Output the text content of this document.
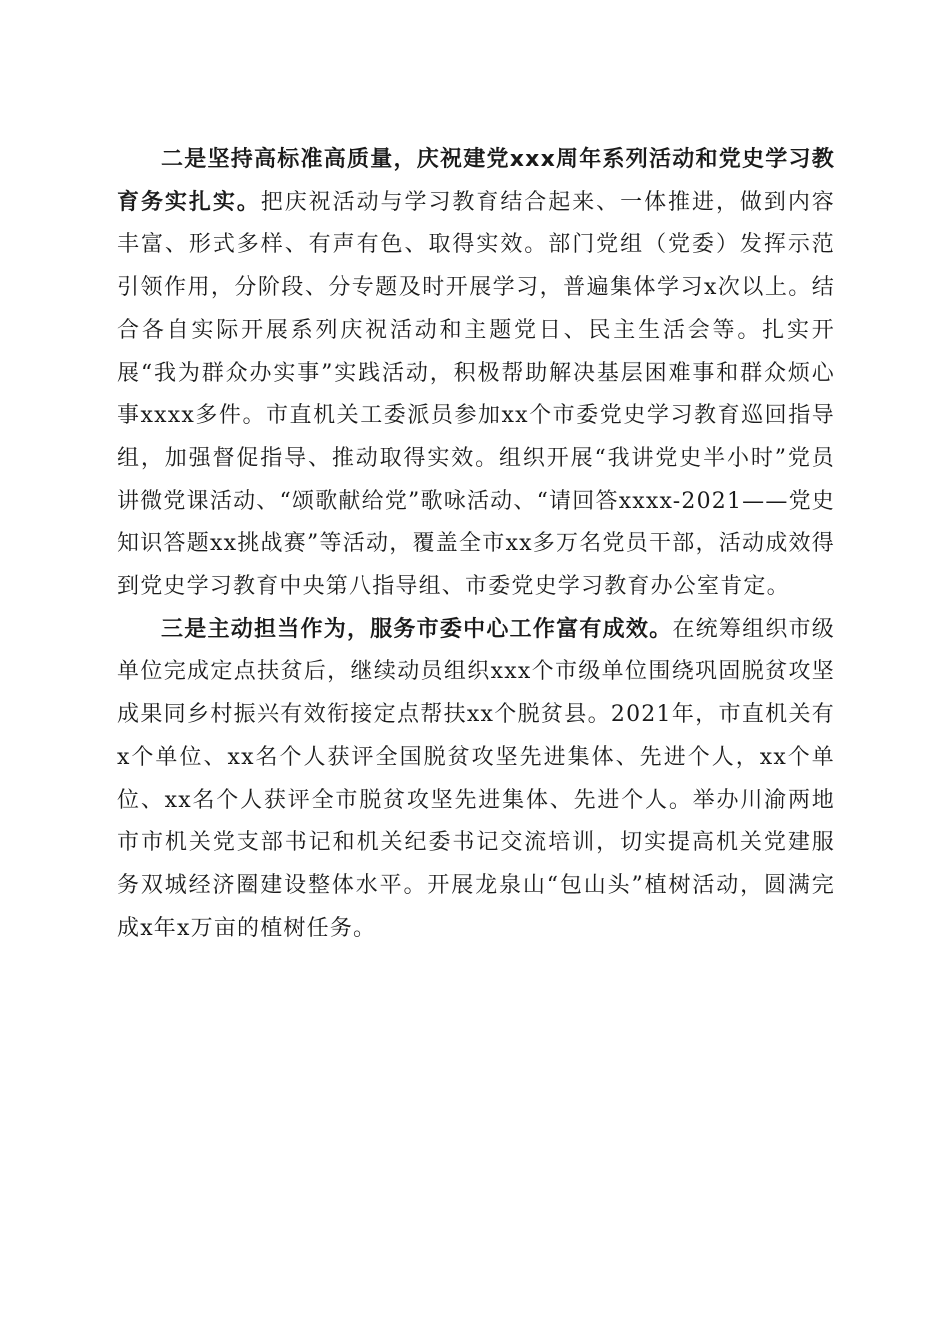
二是坚持高标准高质量，庆祝建党xxx周年系列活动和党史学习教育务实扎实。把庆祝活动与学习教育结合起来、一体推进，做到内容丰富、形式多样、有声有色、取得实效。部门党组（党委）发挥示范引领作用，分阶段、分专题及时开展学习，普遍集体学习x次以上。结合各自实际开展系列庆祝活动和主题党日、民主生活会等。扎实开展“我为群众办实事”实践活动，积极帮助解决基层困难事和群众烦心事xxxx多件。市直机关工委派员参加xx个市委党史学习教育巡回指导组，加强督促指导、推动取得实效。组织开展“我讲党史半小时”党员讲微党课活动、“颂歌献给党”歌咏活动、“请回答xxxx-2021——党史知识答题xx挑战赛”等活动，覆盖全市xx多万名党员干部，活动成效得到党史学习教育中央第八指导组、市委党史学习教育办公室肯定。

三是主动担当作为，服务市委中心工作富有成效。在统筹组织市级单位完成定点扶贫后，继续动员组织xxx个市级单位围绕巩固脱贫攻坚成果同乡村振兴有效衔接定点帮扶xx个脱贫县。2021年，市直机关有x个单位、xx名个人获评全国脱贫攻坚先进集体、先进个人，xx个单位、xx名个人获评全市脱贫攻坚先进集体、先进个人。举办川渝两地市市机关党支部书记和机关纪委书记交流培训，切实提高机关党建服务双城经济圈建设整体水平。开展龙泉山“包山头”植树活动，圆满完成x年x万亩的植树任务。
